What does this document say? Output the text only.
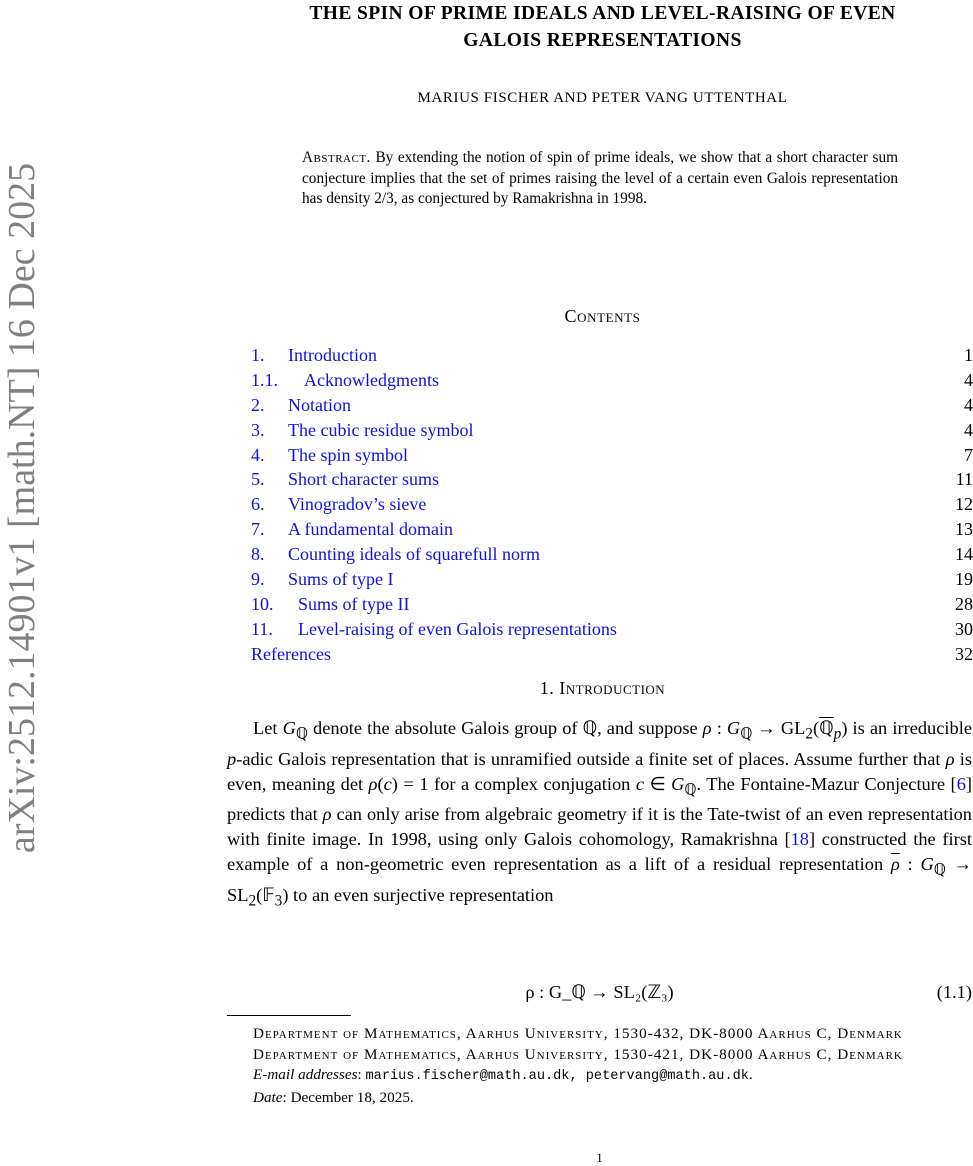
arXiv:2512.14901v1 [math.NT] 16 Dec 2025
THE SPIN OF PRIME IDEALS AND LEVEL-RAISING OF EVEN
GALOIS REPRESENTATIONS
MARIUS FISCHER AND PETER VANG UTTENTHAL
Abstract. By extending the notion of spin of prime ideals, we show that a short character sum conjecture implies that the set of primes raising the level of a certain even Galois representation has density 2/3, as conjectured by Ramakrishna in 1998.
Contents
1. Introduction	1
1.1. Acknowledgments	4
2. Notation	4
3. The cubic residue symbol	4
4. The spin symbol	7
5. Short character sums	11
6. Vinogradov’s sieve	12
7. A fundamental domain	13
8. Counting ideals of squarefull norm	14
9. Sums of type I	19
10. Sums of type II	28
11. Level-raising of even Galois representations	30
References	32
1. Introduction
Let $G_ℚ$ denote the absolute Galois group of ℚ, and suppose ρ : $G_ℚ$ → $GL_2(ℚ_p)$ is an irreducible p-adic Galois representation that is unramified outside a finite set of places. Assume further that ρ is even, meaning det ρ(c) = 1 for a complex conjugation c ∈ $G_ℚ$. The Fontaine-Mazur Conjecture [6] predicts that ρ can only arise from algebraic geometry if it is the Tate-twist of an even representation with finite image. In 1998, using only Galois cohomology, Ramakrishna [18] constructed the first example of a non-geometric even representation as a lift of a residual representation $\overline{\rho}$ : $G_ℚ$ → $SL_2(𝔽_3)$ to an even surjective representation
ρ : G_ℚ → SL₂(ℤ₃)	(1.1)
Department of Mathematics, Aarhus University, 1530-432, DK-8000 Aarhus C, Denmark
Department of Mathematics, Aarhus University, 1530-421, DK-8000 Aarhus C, Denmark
E-mail addresses: marius.fischer@math.au.dk, petervang@math.au.dk.
Date: December 18, 2025.
1
